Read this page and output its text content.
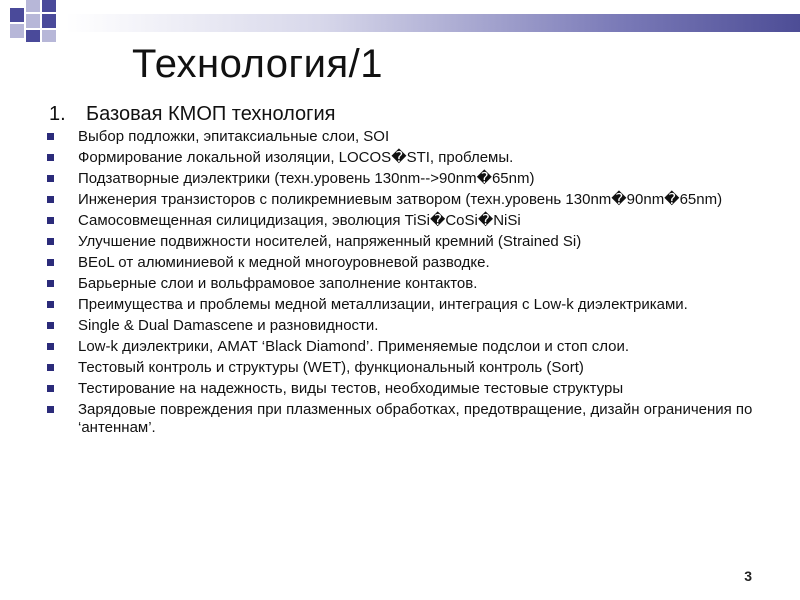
Технология/1
1. Базовая КМОП технология
Выбор подложки, эпитаксиальные слои, SOI
Формирование локальной изоляции, LOCOS�STI, проблемы.
Подзатворные диэлектрики (техн.уровень 130nm-->90nm�65nm)
Инженерия транзисторов с поликремниевым затвором (техн.уровень 130nm�90nm�65nm)
Самосовмещенная силицидизация, эволюция TiSi�CoSi�NiSi
Улучшение подвижности носителей, напряженный кремний (Strained Si)
BEoL от алюминиевой к медной многоуровневой разводке.
Барьерные слои и вольфрамовое заполнение контактов.
Преимущества и проблемы медной металлизации, интеграция с Low-k диэлектриками.
Single & Dual Damascene и разновидности.
Low-k диэлектрики, AMAT ‘Black Diamond’. Применяемые подслои и стоп слои.
Тестовый контроль и структуры (WET), функциональный контроль (Sort)
Тестирование на надежность, виды тестов, необходимые тестовые структуры
Зарядовые повреждения при плазменных обработках, предотвращение, дизайн ограничения по ‘антеннам’.
3
